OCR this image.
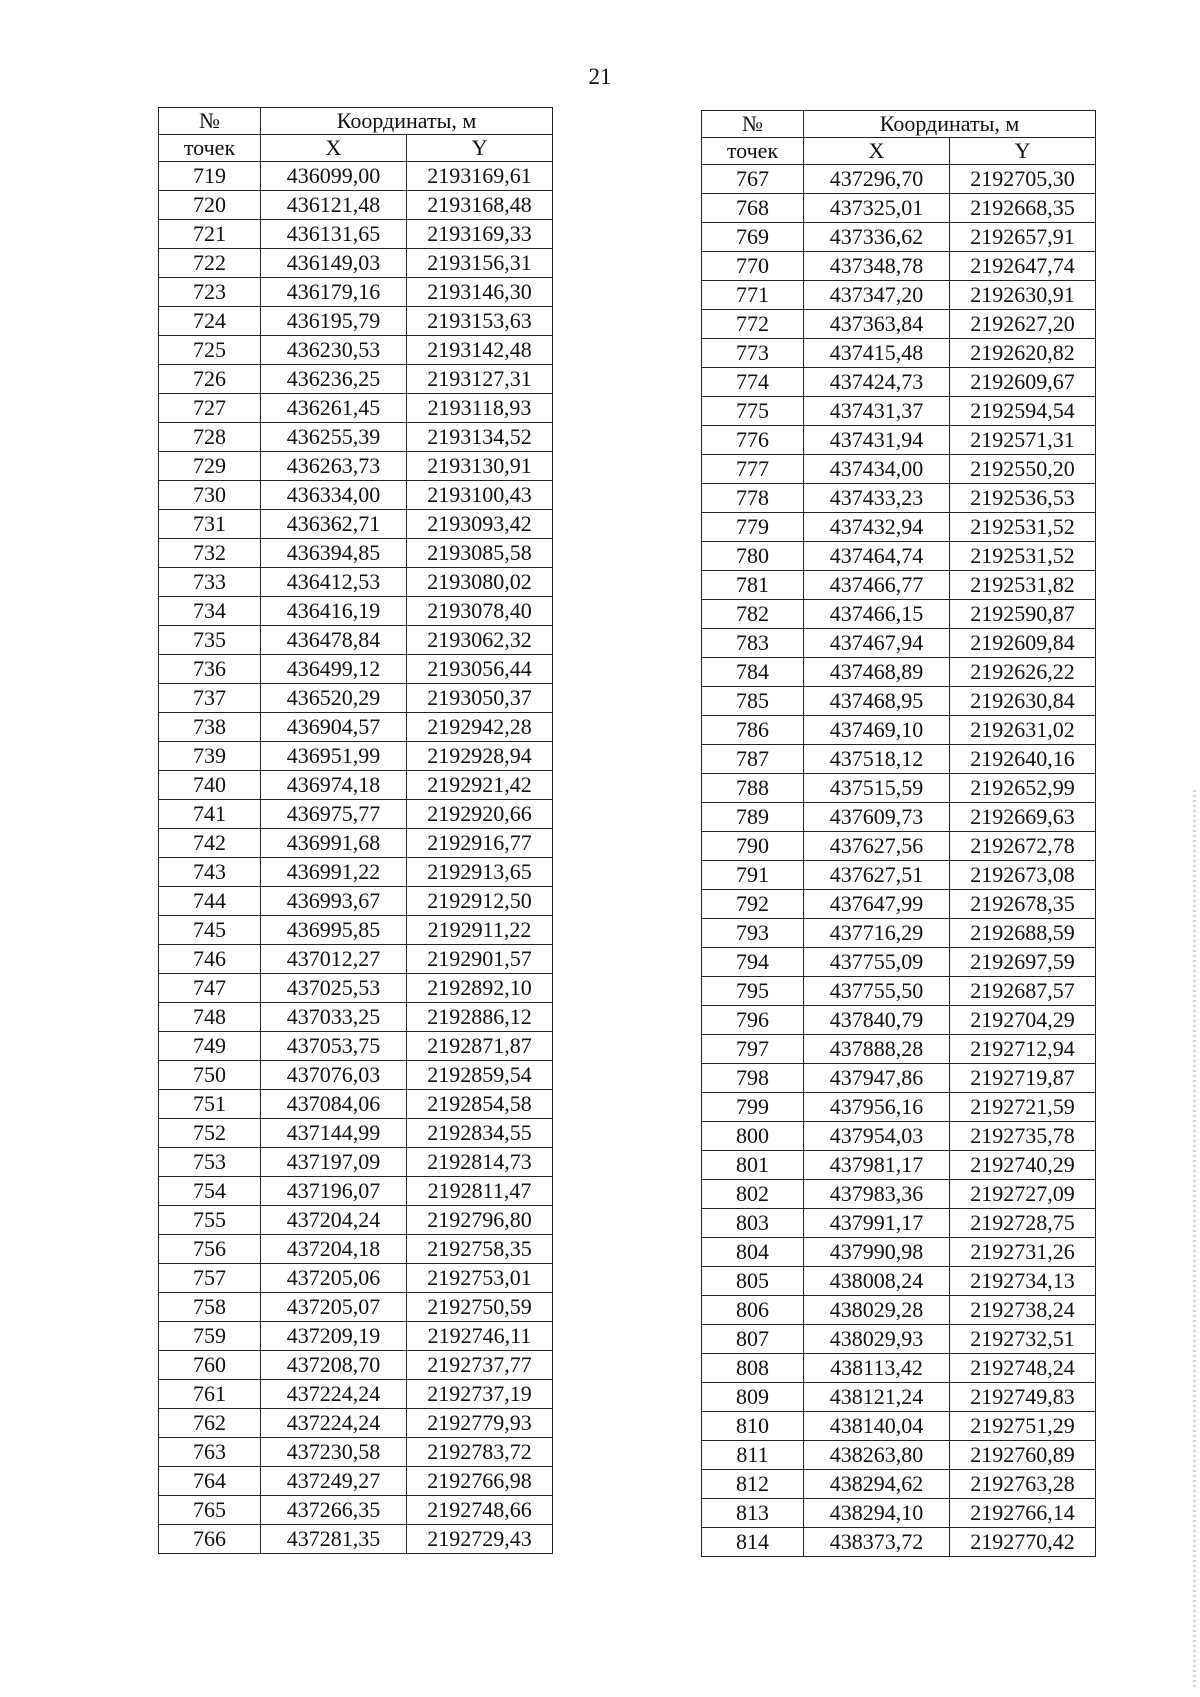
21
№	Координаты, м	
точек	X	Y
719	436099,00	2193169,61
720	436121,48	2193168,48
721	436131,65	2193169,33
722	436149,03	2193156,31
723	436179,16	2193146,30
724	436195,79	2193153,63
725	436230,53	2193142,48
726	436236,25	2193127,31
727	436261,45	2193118,93
728	436255,39	2193134,52
729	436263,73	2193130,91
730	436334,00	2193100,43
731	436362,71	2193093,42
732	436394,85	2193085,58
733	436412,53	2193080,02
734	436416,19	2193078,40
735	436478,84	2193062,32
736	436499,12	2193056,44
737	436520,29	2193050,37
738	436904,57	2192942,28
739	436951,99	2192928,94
740	436974,18	2192921,42
741	436975,77	2192920,66
742	436991,68	2192916,77
743	436991,22	2192913,65
744	436993,67	2192912,50
745	436995,85	2192911,22
746	437012,27	2192901,57
747	437025,53	2192892,10
748	437033,25	2192886,12
749	437053,75	2192871,87
750	437076,03	2192859,54
751	437084,06	2192854,58
752	437144,99	2192834,55
753	437197,09	2192814,73
754	437196,07	2192811,47
755	437204,24	2192796,80
756	437204,18	2192758,35
757	437205,06	2192753,01
758	437205,07	2192750,59
759	437209,19	2192746,11
760	437208,70	2192737,77
761	437224,24	2192737,19
762	437224,24	2192779,93
763	437230,58	2192783,72
764	437249,27	2192766,98
765	437266,35	2192748,66
766	437281,35	2192729,43
№	Координаты, м	
точек	X	Y
767	437296,70	2192705,30
768	437325,01	2192668,35
769	437336,62	2192657,91
770	437348,78	2192647,74
771	437347,20	2192630,91
772	437363,84	2192627,20
773	437415,48	2192620,82
774	437424,73	2192609,67
775	437431,37	2192594,54
776	437431,94	2192571,31
777	437434,00	2192550,20
778	437433,23	2192536,53
779	437432,94	2192531,52
780	437464,74	2192531,52
781	437466,77	2192531,82
782	437466,15	2192590,87
783	437467,94	2192609,84
784	437468,89	2192626,22
785	437468,95	2192630,84
786	437469,10	2192631,02
787	437518,12	2192640,16
788	437515,59	2192652,99
789	437609,73	2192669,63
790	437627,56	2192672,78
791	437627,51	2192673,08
792	437647,99	2192678,35
793	437716,29	2192688,59
794	437755,09	2192697,59
795	437755,50	2192687,57
796	437840,79	2192704,29
797	437888,28	2192712,94
798	437947,86	2192719,87
799	437956,16	2192721,59
800	437954,03	2192735,78
801	437981,17	2192740,29
802	437983,36	2192727,09
803	437991,17	2192728,75
804	437990,98	2192731,26
805	438008,24	2192734,13
806	438029,28	2192738,24
807	438029,93	2192732,51
808	438113,42	2192748,24
809	438121,24	2192749,83
810	438140,04	2192751,29
811	438263,80	2192760,89
812	438294,62	2192763,28
813	438294,10	2192766,14
814	438373,72	2192770,42
